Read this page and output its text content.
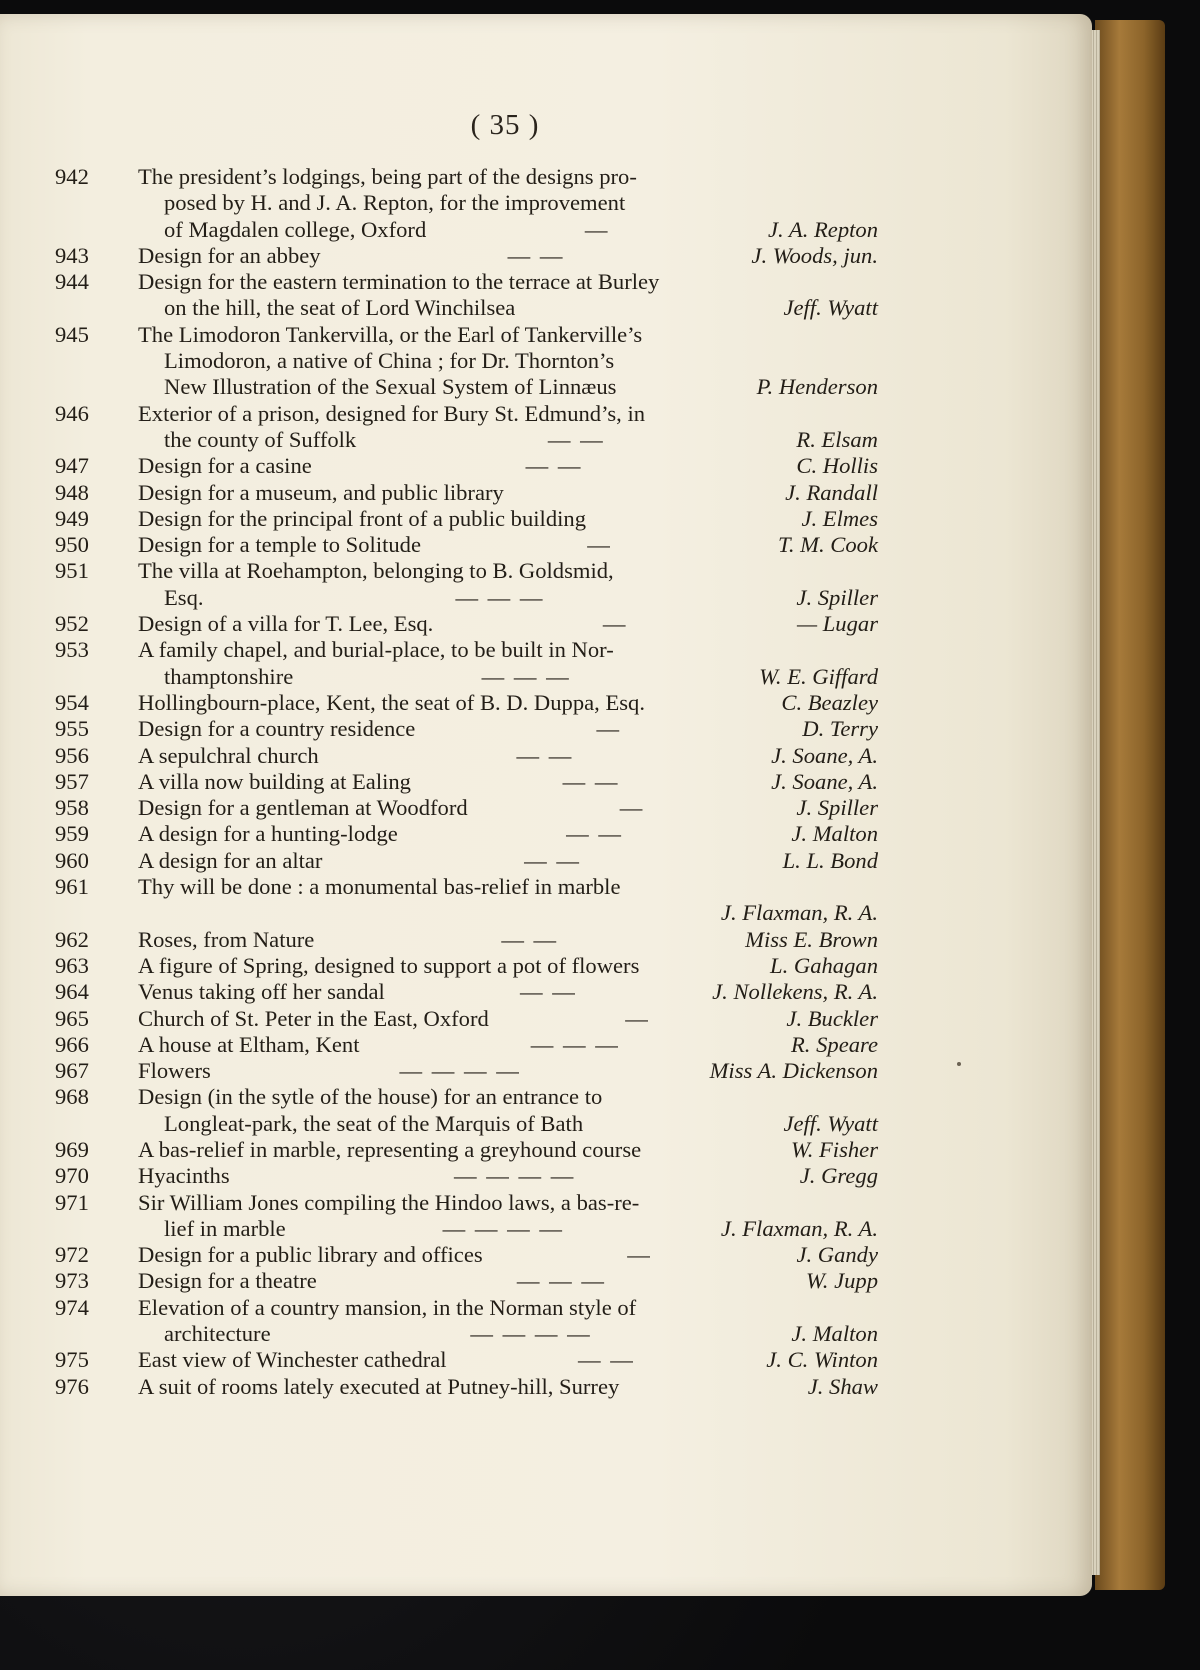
( 35 )
942	The president’s lodgings, being part of the designs pro-
posed by H. and J. A. Repton, for the improvement
of Magdalen college, Oxford	—	J. A. Repton
943	Design for an abbey	— —	J. Woods, jun.
944	Design for the eastern termination to the terrace at Burley
on the hill, the seat of Lord Winchilsea	Jeff. Wyatt
945	The Limodoron Tankervilla, or the Earl of Tankerville’s
Limodoron, a native of China ; for Dr. Thornton’s
New Illustration of the Sexual System of Linnæus	P. Henderson
946	Exterior of a prison, designed for Bury St. Edmund’s, in
the county of Suffolk	— —	R. Elsam
947	Design for a casine	— —	C. Hollis
948	Design for a museum, and public library	J. Randall
949	Design for the principal front of a public building	J. Elmes
950	Design for a temple to Solitude	—	T. M. Cook
951	The villa at Roehampton, belonging to B. Goldsmid,
Esq.	— — —	J. Spiller
952	Design of a villa for T. Lee, Esq.	—	— Lugar
953	A family chapel, and burial-place, to be built in Nor-
thamptonshire	— — —	W. E. Giffard
954	Hollingbourn-place, Kent, the seat of B. D. Duppa, Esq.	C. Beazley
955	Design for a country residence	—	D. Terry
956	A sepulchral church	— —	J. Soane, A.
957	A villa now building at Ealing	— —	J. Soane, A.
958	Design for a gentleman at Woodford	—	J. Spiller
959	A design for a hunting-lodge	— —	J. Malton
960	A design for an altar	— —	L. L. Bond
961	Thy will be done : a monumental bas-relief in marble
J. Flaxman, R. A.
962	Roses, from Nature	— —	Miss E. Brown
963	A figure of Spring, designed to support a pot of flowers	L. Gahagan
964	Venus taking off her sandal	— —	J. Nollekens, R. A.
965	Church of St. Peter in the East, Oxford	—	J. Buckler
966	A house at Eltham, Kent	— — —	R. Speare
967	Flowers	— — — —	Miss A. Dickenson
968	Design (in the sytle of the house) for an entrance to
Longleat-park, the seat of the Marquis of Bath	Jeff. Wyatt
969	A bas-relief in marble, representing a greyhound course	W. Fisher
970	Hyacinths	— — — —	J. Gregg
971	Sir William Jones compiling the Hindoo laws, a bas-re-
lief in marble	— — — —	J. Flaxman, R. A.
972	Design for a public library and offices	—	J. Gandy
973	Design for a theatre	— — —	W. Jupp
974	Elevation of a country mansion, in the Norman style of
architecture	— — — —	J. Malton
975	East view of Winchester cathedral	— —	J. C. Winton
976	A suit of rooms lately executed at Putney-hill, Surrey	J. Shaw
